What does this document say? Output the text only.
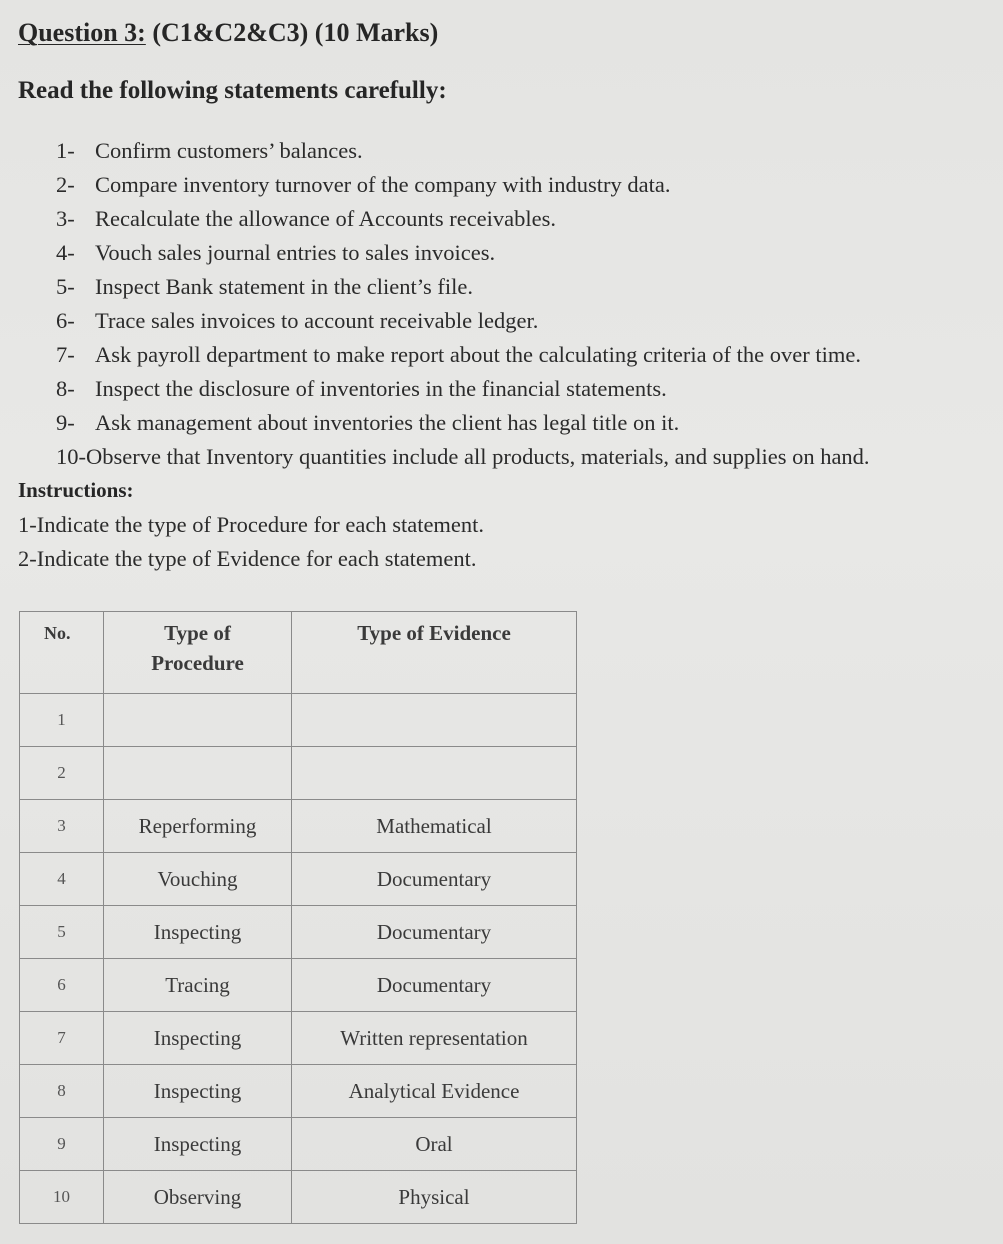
Question 3: (C1&C2&C3) (10 Marks)
Read the following statements carefully:
1- Confirm customers’ balances.
2- Compare inventory turnover of the company with industry data.
3- Recalculate the allowance of Accounts receivables.
4- Vouch sales journal entries to sales invoices.
5- Inspect Bank statement in the client’s file.
6- Trace sales invoices to account receivable ledger.
7- Ask payroll department to make report about the calculating criteria of the over time.
8- Inspect the disclosure of inventories in the financial statements.
9- Ask management about inventories the client has legal title on it.
10-Observe that Inventory quantities include all products, materials, and supplies on hand.
Instructions:
1-Indicate the type of Procedure for each statement.
2-Indicate the type of Evidence for each statement.
No.	Type of Procedure	Type of Evidence
1		
2		
3	Reperforming	Mathematical
4	Vouching	Documentary
5	Inspecting	Documentary
6	Tracing	Documentary
7	Inspecting	Written representation
8	Inspecting	Analytical Evidence
9	Inspecting	Oral
10	Observing	Physical
